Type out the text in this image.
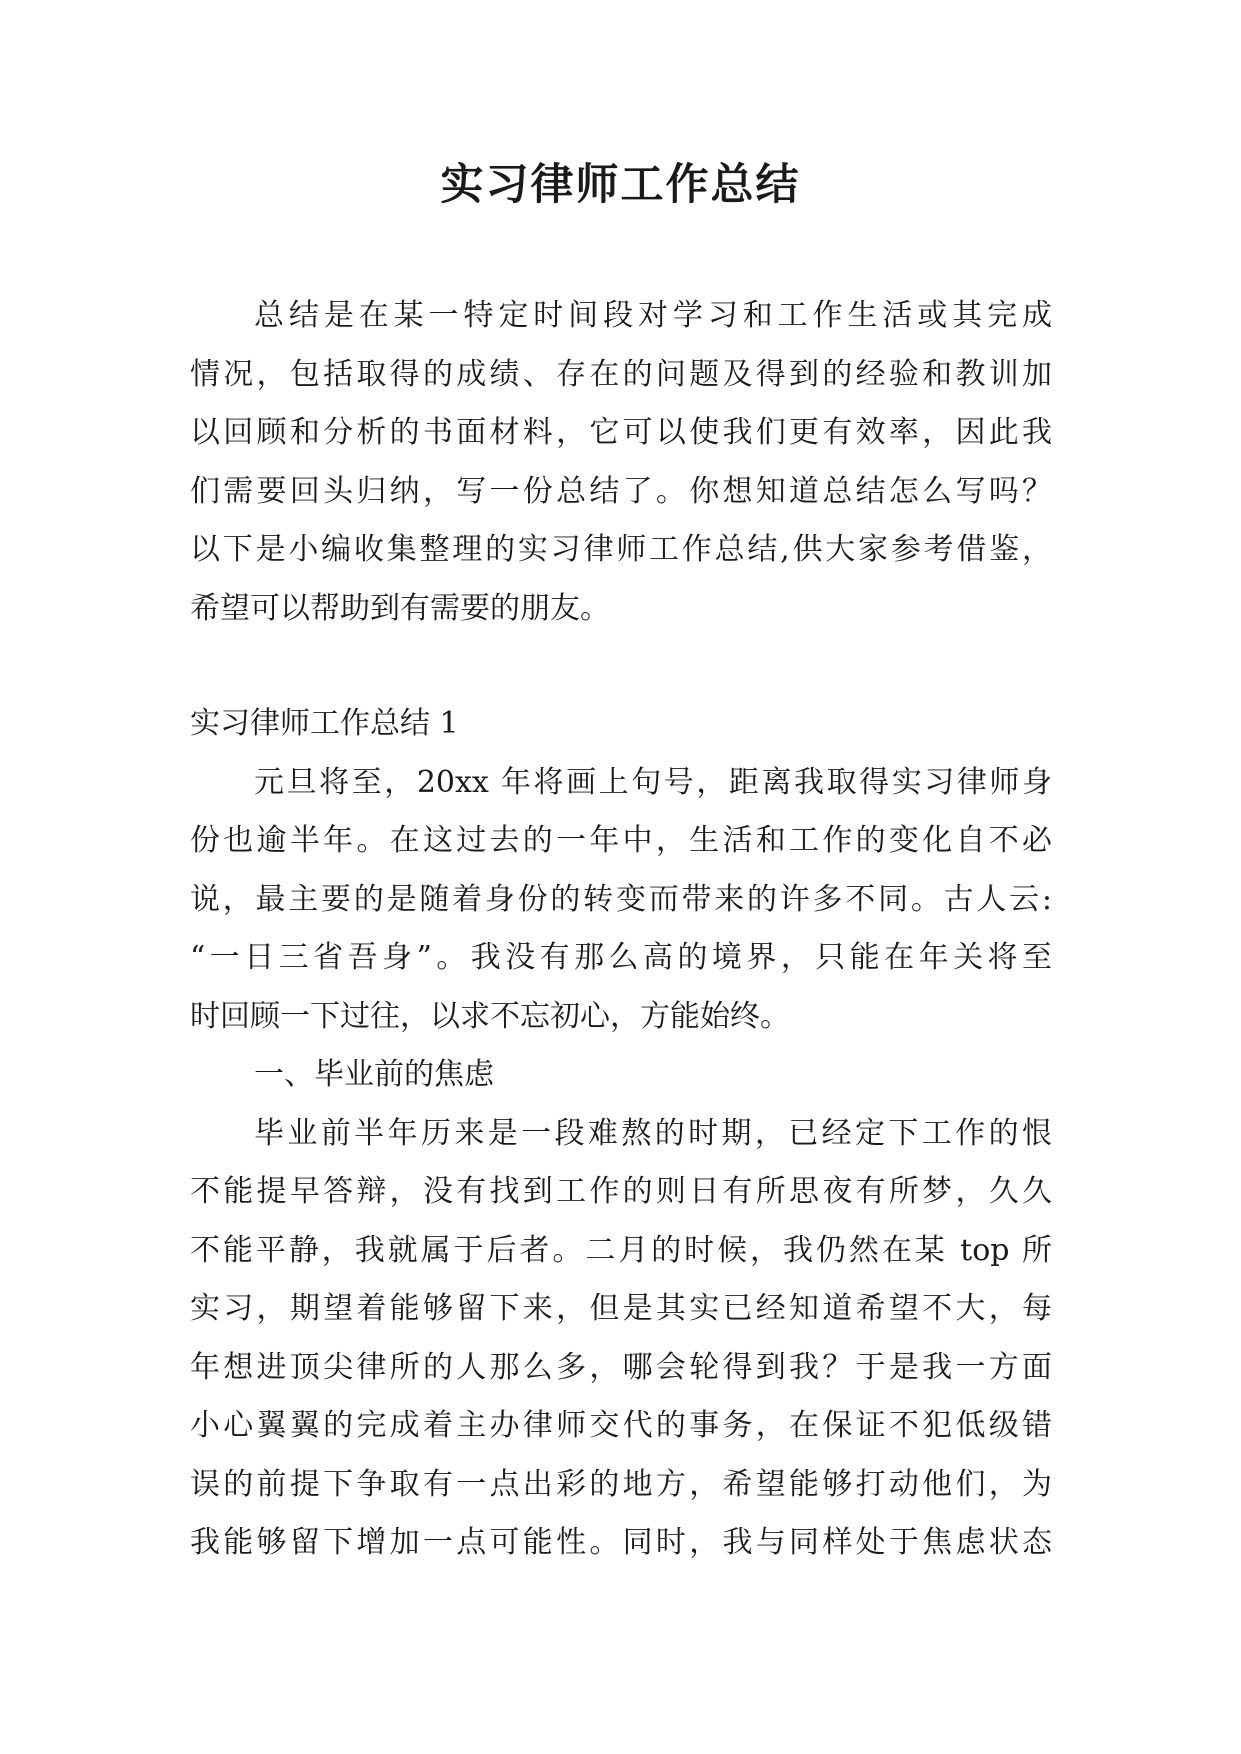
实习律师工作总结
总结是在某一特定时间段对学习和工作生活或其完成
情况，包括取得的成绩、存在的问题及得到的经验和教训加
以回顾和分析的书面材料，它可以使我们更有效率，因此我
们需要回头归纳，写一份总结了。你想知道总结怎么写吗？
以下是小编收集整理的实习律师工作总结,供大家参考借鉴，
希望可以帮助到有需要的朋友。
实习律师工作总结 1
元旦将至，20xx 年将画上句号，距离我取得实习律师身
份也逾半年。在这过去的一年中，生活和工作的变化自不必
说，最主要的是随着身份的转变而带来的许多不同。古人云:
“一日三省吾身”。我没有那么高的境界，只能在年关将至
时回顾一下过往，以求不忘初心，方能始终。
一、毕业前的焦虑
毕业前半年历来是一段难熬的时期，已经定下工作的恨
不能提早答辩，没有找到工作的则日有所思夜有所梦，久久
不能平静，我就属于后者。二月的时候，我仍然在某 top 所
实习，期望着能够留下来，但是其实已经知道希望不大，每
年想进顶尖律所的人那么多，哪会轮得到我？于是我一方面
小心翼翼的完成着主办律师交代的事务，在保证不犯低级错
误的前提下争取有一点出彩的地方，希望能够打动他们，为
我能够留下增加一点可能性。同时，我与同样处于焦虑状态
